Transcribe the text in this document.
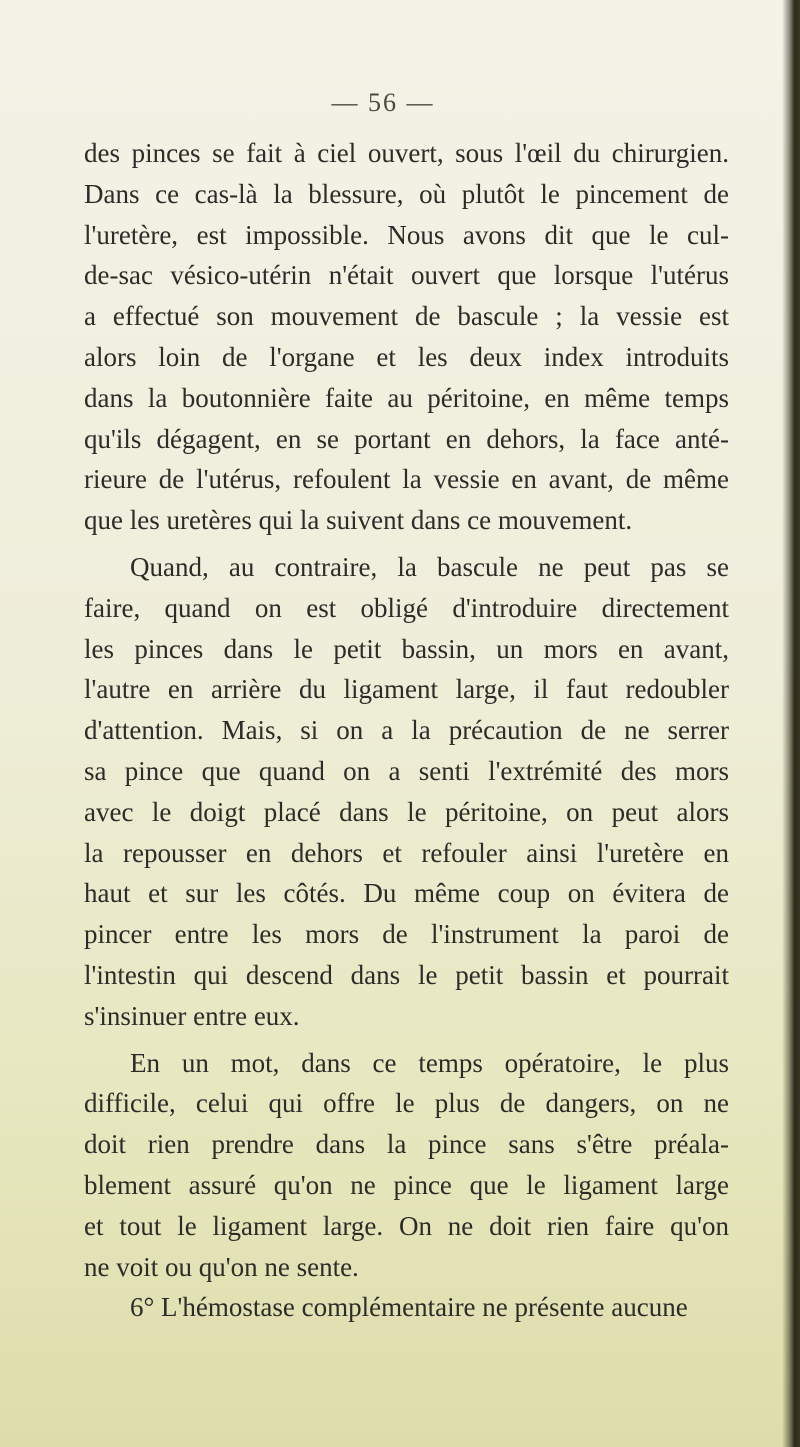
— 56 —
des pinces se fait à ciel ouvert, sous l'œil du chirurgien.
Dans ce cas-là la blessure, où plutôt le pincement de
l'uretère, est impossible. Nous avons dit que le cul-
de-sac vésico-utérin n'était ouvert que lorsque l'utérus
a effectué son mouvement de bascule ; la vessie est
alors loin de l'organe et les deux index introduits
dans la boutonnière faite au péritoine, en même temps
qu'ils dégagent, en se portant en dehors, la face anté-
rieure de l'utérus, refoulent la vessie en avant, de même
que les uretères qui la suivent dans ce mouvement.
Quand, au contraire, la bascule ne peut pas se
faire, quand on est obligé d'introduire directement
les pinces dans le petit bassin, un mors en avant,
l'autre en arrière du ligament large, il faut redoubler
d'attention. Mais, si on a la précaution de ne serrer
sa pince que quand on a senti l'extrémité des mors
avec le doigt placé dans le péritoine, on peut alors
la repousser en dehors et refouler ainsi l'uretère en
haut et sur les côtés. Du même coup on évitera de
pincer entre les mors de l'instrument la paroi de
l'intestin qui descend dans le petit bassin et pourrait
s'insinuer entre eux.
En un mot, dans ce temps opératoire, le plus
difficile, celui qui offre le plus de dangers, on ne
doit rien prendre dans la pince sans s'être préala-
blement assuré qu'on ne pince que le ligament large
et tout le ligament large. On ne doit rien faire qu'on
ne voit ou qu'on ne sente.
6° L'hémostase complémentaire ne présente aucune
